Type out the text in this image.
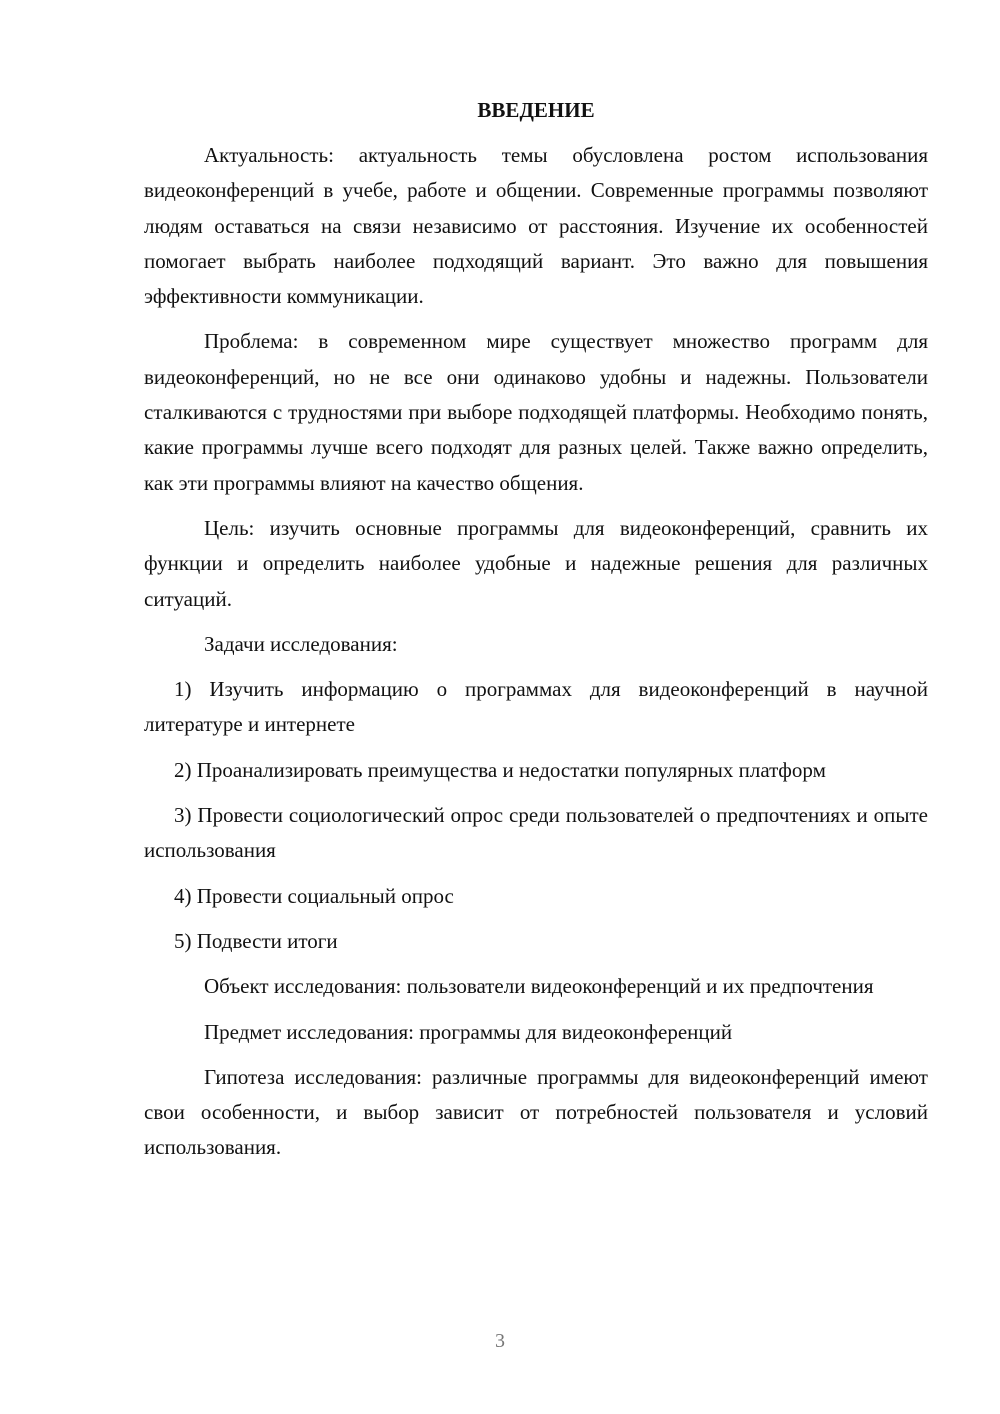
ВВЕДЕНИЕ

Актуальность: актуальность темы обусловлена ростом использования видеоконференций в учебе, работе и общении. Современные программы позволяют людям оставаться на связи независимо от расстояния. Изучение их особенностей помогает выбрать наиболее подходящий вариант. Это важно для повышения эффективности коммуникации.

Проблема: в современном мире существует множество программ для видеоконференций, но не все они одинаково удобны и надежны. Пользователи сталкиваются с трудностями при выборе подходящей платформы. Необходимо понять, какие программы лучше всего подходят для разных целей. Также важно определить, как эти программы влияют на качество общения.

Цель: изучить основные программы для видеоконференций, сравнить их функции и определить наиболее удобные и надежные решения для различных ситуаций.

Задачи исследования:

1) Изучить информацию о программах для видеоконференций в научной литературе и интернете

2) Проанализировать преимущества и недостатки популярных платформ

3) Провести социологический опрос среди пользователей о предпочтениях и опыте использования

4) Провести социальный опрос

5) Подвести итоги

Объект исследования: пользователи видеоконференций и их предпочтения

Предмет исследования: программы для видеоконференций

Гипотеза исследования: различные программы для видеоконференций имеют свои особенности, и выбор зависит от потребностей пользователя и условий использования.

3
